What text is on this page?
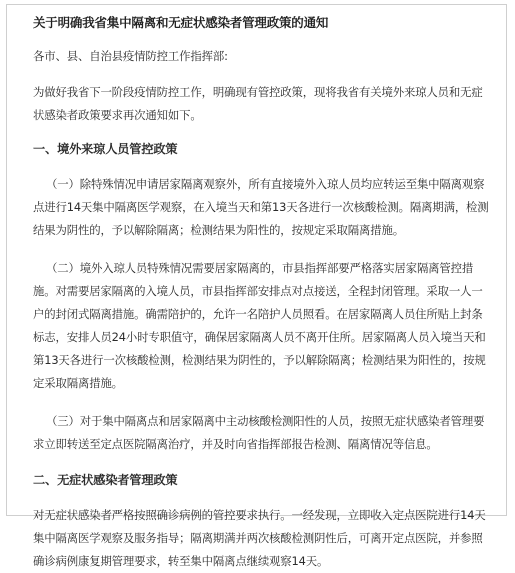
关于明确我省集中隔离和无症状感染者管理政策的通知
各市、县、自治县疫情防控工作指挥部:
为做好我省下一阶段疫情防控工作，明确现有管控政策，现将我省有关境外来琼人员和无症状感染者政策要求再次通知如下。
一、境外来琼人员管控政策
（一）除特殊情况申请居家隔离观察外，所有直接境外入琼人员均应转运至集中隔离观察点进行14天集中隔离医学观察，在入境当天和第13天各进行一次核酸检测。隔离期满，检测结果为阴性的，予以解除隔离；检测结果为阳性的，按规定采取隔离措施。
（二）境外入琼人员特殊情况需要居家隔离的，市县指挥部要严格落实居家隔离管控措施。对需要居家隔离的入境人员，市县指挥部安排点对点接送，全程封闭管理。采取一人一户的封闭式隔离措施。确需陪护的，允许一名陪护人员照看。在居家隔离人员住所贴上封条标志，安排人员24小时专职值守，确保居家隔离人员不离开住所。居家隔离人员入境当天和第13天各进行一次核酸检测，检测结果为阴性的，予以解除隔离；检测结果为阳性的，按规定采取隔离措施。
（三）对于集中隔离点和居家隔离中主动核酸检测阳性的人员，按照无症状感染者管理要求立即转送至定点医院隔离治疗，并及时向省指挥部报告检测、隔离情况等信息。
二、无症状感染者管理政策
对无症状感染者严格按照确诊病例的管控要求执行。一经发现，立即收入定点医院进行14天集中隔离医学观察及服务指导；隔离期满并两次核酸检测阴性后，可离开定点医院，并参照确诊病例康复期管理要求，转至集中隔离点继续观察14天。
